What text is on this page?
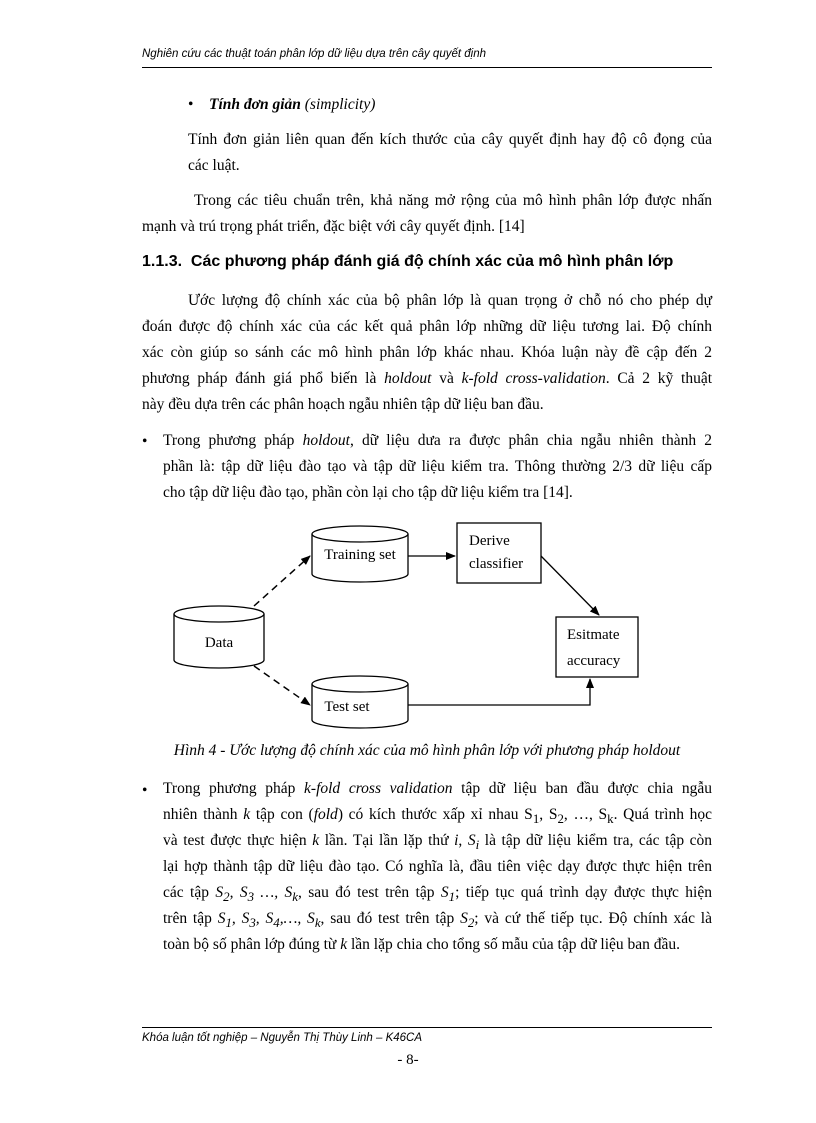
Nghiên cứu các thuật toán phân lớp dữ liệu dựa trên cây quyết định
• Tính đơn giản (simplicity)
Tính đơn giản liên quan đến kích thước của cây quyết định hay độ cô đọng của
các luật.
Trong các tiêu chuẩn trên, khả năng mở rộng của mô hình phân lớp được nhấn
mạnh và trú trọng phát triển, đặc biệt với cây quyết định. [14]
1.1.3. Các phương pháp đánh giá độ chính xác của mô hình phân lớp
Ước lượng độ chính xác của bộ phân lớp là quan trọng ở chỗ nó cho phép dự
đoán được độ chính xác của các kết quả phân lớp những dữ liệu tương lai. Độ chính
xác còn giúp so sánh các mô hình phân lớp khác nhau. Khóa luận này đề cập đến 2
phương pháp đánh giá phổ biến là holdout và k-fold cross-validation. Cả 2 kỹ thuật
này đều dựa trên các phân hoạch ngẫu nhiên tập dữ liệu ban đầu.
• Trong phương pháp holdout, dữ liệu dưa ra được phân chia ngẫu nhiên thành 2
phần là: tập dữ liệu đào tạo và tập dữ liệu kiểm tra. Thông thường 2/3 dữ liệu cấp
cho tập dữ liệu đào tạo, phần còn lại cho tập dữ liệu kiểm tra [14].
Data
Training set
Test set
Derive
classifier
Esitmate
accuracy
Hình 4 - Ước lượng độ chính xác của mô hình phân lớp với phương pháp holdout
• Trong phương pháp k-fold cross validation tập dữ liệu ban đầu được chia ngẫu
nhiên thành k tập con (fold) có kích thước xấp xỉ nhau $S_1$, $S_2$, …, $S_k$. Quá trình học
và test được thực hiện k lần. Tại lần lặp thứ i, $S_i$ là tập dữ liệu kiểm tra, các tập còn
lại hợp thành tập dữ liệu đào tạo. Có nghĩa là, đầu tiên việc dạy được thực hiện trên
các tập $S_2$, $S_3$ …, $S_k$, sau đó test trên tập $S_1$; tiếp tục quá trình dạy được thực hiện
trên tập $S_1$, $S_3$, $S_4,\dots$, $S_k$, sau đó test trên tập $S_2$; và cứ thế tiếp tục. Độ chính xác là
toàn bộ số phân lớp đúng từ k lần lặp chia cho tổng số mẫu của tập dữ liệu ban đầu.
Khóa luận tốt nghiệp – Nguyễn Thị Thùy Linh – K46CA
- 8-
